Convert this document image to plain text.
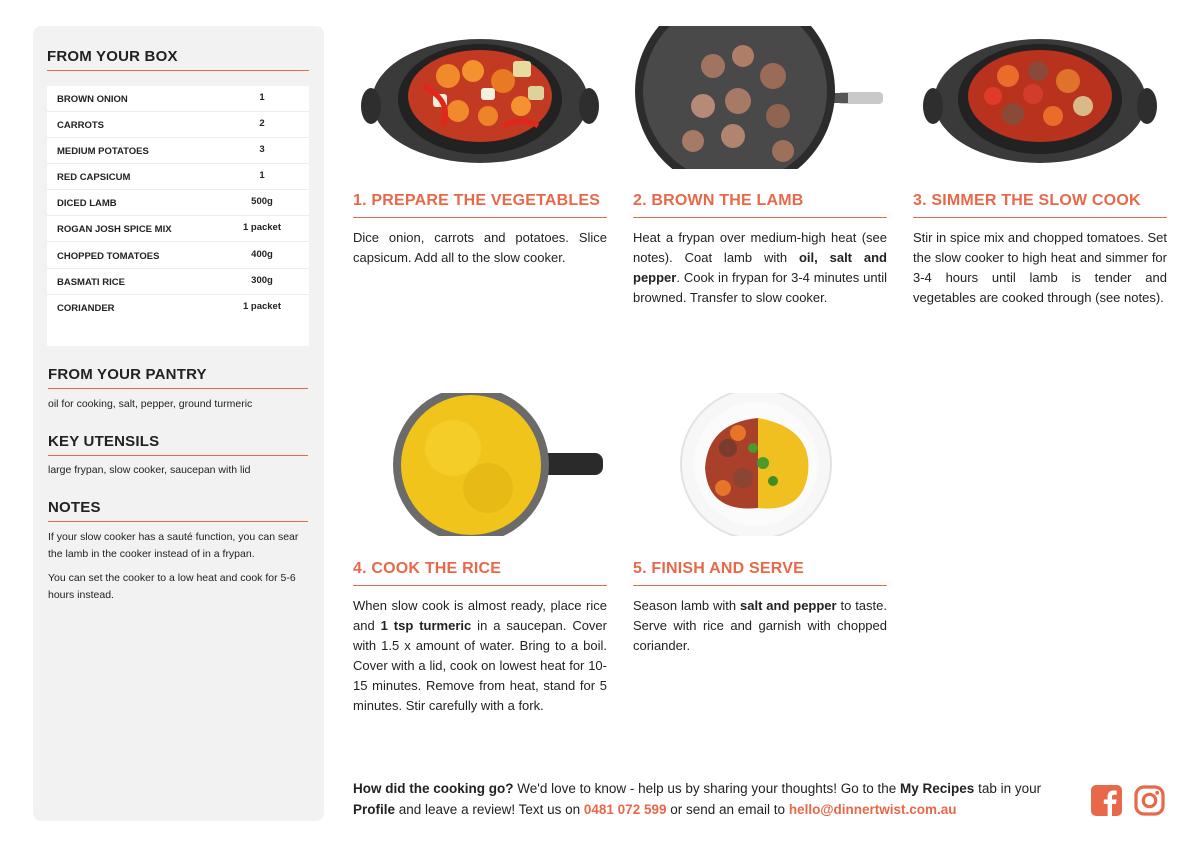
FROM YOUR BOX
BROWN ONION	1
CARROTS	2
MEDIUM POTATOES	3
RED CAPSICUM	1
DICED LAMB	500g
ROGAN JOSH SPICE MIX	1 packet
CHOPPED TOMATOES	400g
BASMATI RICE	300g
CORIANDER	1 packet
FROM YOUR PANTRY
oil for cooking, salt, pepper, ground turmeric
KEY UTENSILS
large frypan, slow cooker, saucepan with lid
NOTES
If your slow cooker has a sauté function, you can sear the lamb in the cooker instead of in a frypan.
You can set the cooker to a low heat and cook for 5-6 hours instead.
1. PREPARE THE VEGETABLES
Dice onion, carrots and potatoes. Slice capsicum. Add all to the slow cooker.
2. BROWN THE LAMB
Heat a frypan over medium-high heat (see notes). Coat lamb with oil, salt and pepper. Cook in frypan for 3-4 minutes until browned. Transfer to slow cooker.
3. SIMMER THE SLOW COOK
Stir in spice mix and chopped tomatoes. Set the slow cooker to high heat and simmer for 3-4 hours until lamb is tender and vegetables are cooked through (see notes).
4. COOK THE RICE
When slow cook is almost ready, place rice and 1 tsp turmeric in a saucepan. Cover with 1.5 x amount of water. Bring to a boil. Cover with a lid, cook on lowest heat for 10-15 minutes. Remove from heat, stand for 5 minutes. Stir carefully with a fork.
5. FINISH AND SERVE
Season lamb with salt and pepper to taste. Serve with rice and garnish with chopped coriander.
How did the cooking go? We'd love to know - help us by sharing your thoughts! Go to the My Recipes tab in your Profile and leave a review! Text us on 0481 072 599 or send an email to hello@dinnertwist.com.au
